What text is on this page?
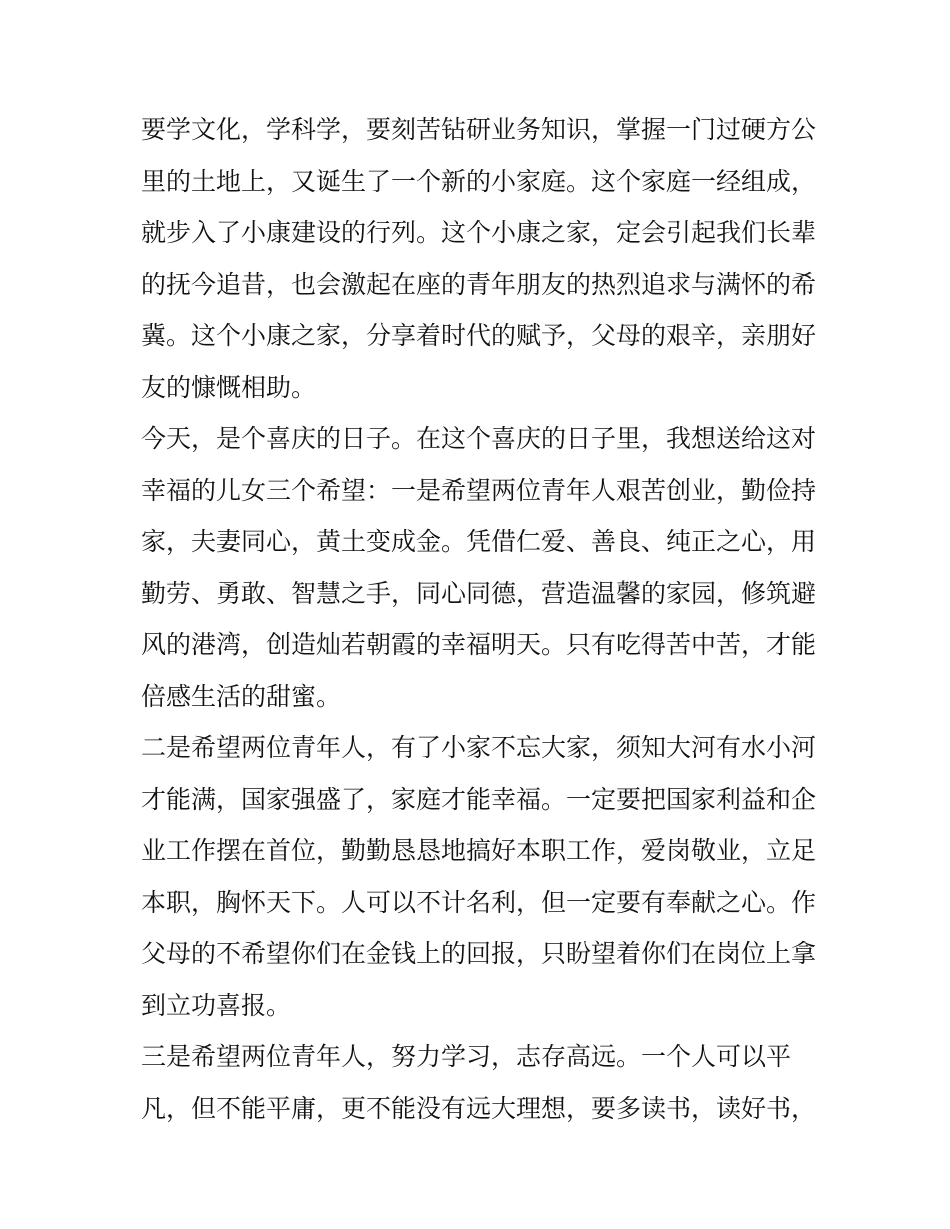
要学文化，学科学，要刻苦钻研业务知识，掌握一门过硬方公
里的土地上，又诞生了一个新的小家庭。这个家庭一经组成，
就步入了小康建设的行列。这个小康之家，定会引起我们长辈
的抚今追昔，也会激起在座的青年朋友的热烈追求与满怀的希
冀。这个小康之家，分享着时代的赋予，父母的艰辛，亲朋好
友的慷慨相助。
今天，是个喜庆的日子。在这个喜庆的日子里，我想送给这对
幸福的儿女三个希望：一是希望两位青年人艰苦创业，勤俭持
家，夫妻同心，黄土变成金。凭借仁爱、善良、纯正之心，用
勤劳、勇敢、智慧之手，同心同德，营造温馨的家园，修筑避
风的港湾，创造灿若朝霞的幸福明天。只有吃得苦中苦，才能
倍感生活的甜蜜。
二是希望两位青年人，有了小家不忘大家，须知大河有水小河
才能满，国家强盛了，家庭才能幸福。一定要把国家利益和企
业工作摆在首位，勤勤恳恳地搞好本职工作，爱岗敬业，立足
本职，胸怀天下。人可以不计名利，但一定要有奉献之心。作
父母的不希望你们在金钱上的回报，只盼望着你们在岗位上拿
到立功喜报。
三是希望两位青年人，努力学习，志存高远。一个人可以平
凡，但不能平庸，更不能没有远大理想，要多读书，读好书，
